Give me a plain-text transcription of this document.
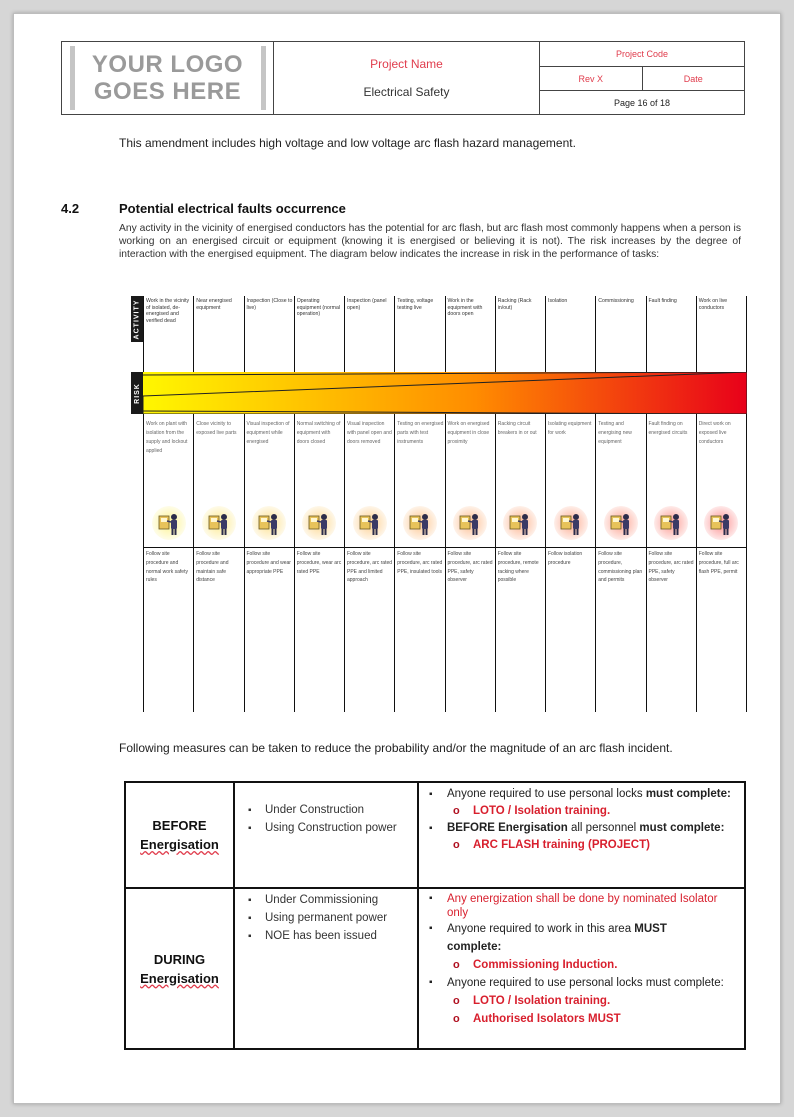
YOUR LOGO
GOES HERE
Project Name
Electrical Safety
Project Code
Rev X	Date
Page 16 of 18
This amendment includes high voltage and low voltage arc flash hazard management.
4.2	Potential electrical faults occurrence
Any activity in the vicinity of energised conductors has the potential for arc flash, but arc flash most commonly happens when a person is working on an energised circuit or equipment (knowing it is energised or believing it is not). The risk increases by the degree of interaction with the energised equipment. The diagram below indicates the increase in risk in the performance of tasks:
ACTIVITY
RISK
Work in the vicinity of isolated, de-energised and verified dead
Work on plant with isolation from the supply and lockout applied
Follow site procedure and normal work safety rules
Near energised equipment
Close vicinity to exposed live parts
Follow site procedure and maintain safe distance
Inspection (Close to live)
Visual inspection of equipment while energised
Follow site procedure and wear appropriate PPE
Operating equipment (normal operation)
Normal switching of equipment with doors closed
Follow site procedure, wear arc rated PPE
Inspection (panel open)
Visual inspection with panel open and doors removed
Follow site procedure, arc rated PPE and limited approach
Testing, voltage testing live
Testing on energised parts with test instruments
Follow site procedure, arc rated PPE, insulated tools
Work in the equipment with doors open
Work on energised equipment in close proximity
Follow site procedure, arc rated PPE, safety observer
Racking (Rack in/out)
Racking circuit breakers in or out
Follow site procedure, remote racking where possible
Isolation
Isolating equipment for work
Follow isolation procedure
Commissioning
Testing and energising new equipment
Follow site procedure, commissioning plan and permits
Fault finding
Fault finding on energised circuits
Follow site procedure, arc rated PPE, safety observer
Work on live conductors
Direct work on exposed live conductors
Follow site procedure, full arc flash PPE, permit
Following measures can be taken to reduce the probability and/or the magnitude of an arc flash incident.
BEFORE
Energisation
▪ Under Construction
▪ Using Construction power
▪ Anyone required to use personal locks must complete:
o LOTO / Isolation training.
▪ BEFORE Energisation all personnel must complete:
o ARC FLASH training (PROJECT)
DURING
Energisation
▪ Under Commissioning
▪ Using permanent power
▪ NOE has been issued
▪ Any energization shall be done by nominated Isolator only
▪ Anyone required to work in this area MUST
complete:
o Commissioning Induction.
▪ Anyone required to use personal locks must complete:
o LOTO / Isolation training.
o Authorised Isolators MUST
